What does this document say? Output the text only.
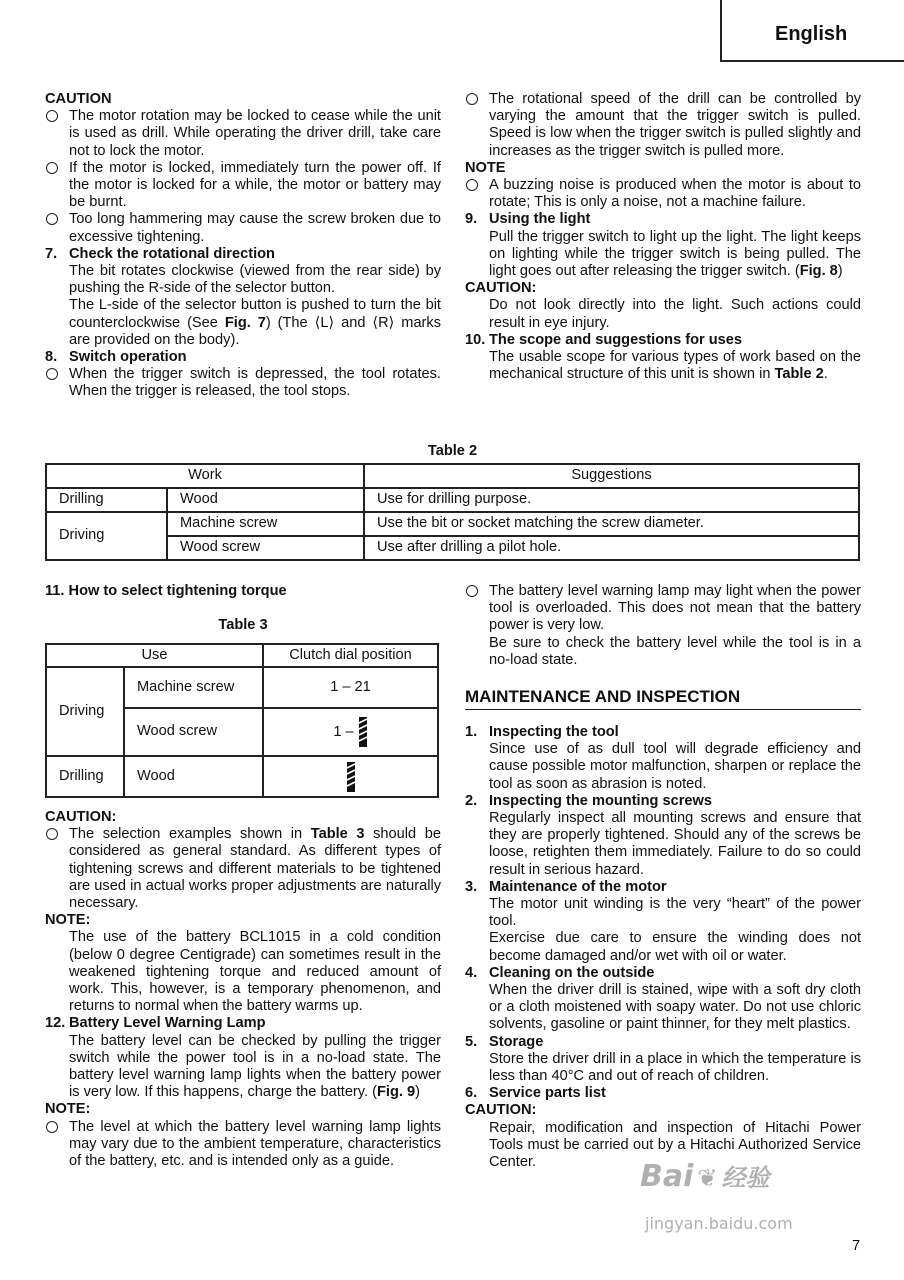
English
CAUTION
The motor rotation may be locked to cease while the unit is used as drill. While operating the driver drill, take care not to lock the motor.
If the motor is locked, immediately turn the power off. If the motor is locked for a while, the motor or battery may be burnt.
Too long hammering may cause the screw broken due to excessive tightening.
7. Check the rotational direction
The bit rotates clockwise (viewed from the rear side) by pushing the R-side of the selector button.
The L-side of the selector button is pushed to turn the bit counterclockwise (See Fig. 7) (The ⟨L⟩ and ⟨R⟩ marks are provided on the body).
8. Switch operation
When the trigger switch is depressed, the tool rotates. When the trigger is released, the tool stops.
The rotational speed of the drill can be controlled by varying the amount that the trigger switch is pulled. Speed is low when the trigger switch is pulled slightly and increases as the trigger switch is pulled more.
NOTE
A buzzing noise is produced when the motor is about to rotate; This is only a noise, not a machine failure.
9. Using the light
Pull the trigger switch to light up the light. The light keeps on lighting while the trigger switch is being pulled. The light goes out after releasing the trigger switch. (Fig. 8)
CAUTION:
Do not look directly into the light. Such actions could result in eye injury.
10. The scope and suggestions for uses
The usable scope for various types of work based on the mechanical structure of this unit is shown in Table 2.
Table 2
Work		Suggestions
Drilling	Wood	Use for drilling purpose.
Driving	Machine screw	Use the bit or socket matching the screw diameter.
	Wood screw	Use after drilling a pilot hole.
11. How to select tightening torque
Table 3
Use		Clutch dial position
Driving	Machine screw	1 – 21
	Wood screw	1 –
Drilling	Wood	
CAUTION:
The selection examples shown in Table 3 should be considered as general standard. As different types of tightening screws and different materials to be tightened are used in actual works proper adjustments are naturally necessary.
NOTE:
The use of the battery BCL1015 in a cold condition (below 0 degree Centigrade) can sometimes result in the weakened tightening torque and reduced amount of work. This, however, is a temporary phenomenon, and returns to normal when the battery warms up.
12. Battery Level Warning Lamp
The battery level can be checked by pulling the trigger switch while the power tool is in a no-load state. The battery level warning lamp lights when the battery power is very low. If this happens, charge the battery. (Fig. 9)
NOTE:
The level at which the battery level warning lamp lights may vary due to the ambient temperature, characteristics of the battery, etc. and is intended only as a guide.
The battery level warning lamp may light when the power tool is overloaded. This does not mean that the battery power is very low.
Be sure to check the battery level while the tool is in a no-load state.
MAINTENANCE AND INSPECTION
1. Inspecting the tool
Since use of as dull tool will degrade efficiency and cause possible motor malfunction, sharpen or replace the tool as soon as abrasion is noted.
2. Inspecting the mounting screws
Regularly inspect all mounting screws and ensure that they are properly tightened. Should any of the screws be loose, retighten them immediately. Failure to do so could result in serious hazard.
3. Maintenance of the motor
The motor unit winding is the very “heart” of the power tool.
Exercise due care to ensure the winding does not become damaged and/or wet with oil or water.
4. Cleaning on the outside
When the driver drill is stained, wipe with a soft dry cloth or a cloth moistened with soapy water. Do not use chloric solvents, gasoline or paint thinner, for they melt plastics.
5. Storage
Store the driver drill in a place in which the temperature is less than 40°C and out of reach of children.
6. Service parts list
CAUTION:
Repair, modification and inspection of Hitachi Power Tools must be carried out by a Hitachi Authorized Service Center.	Bai ❦ 经验
jingyan.baidu.com
7
